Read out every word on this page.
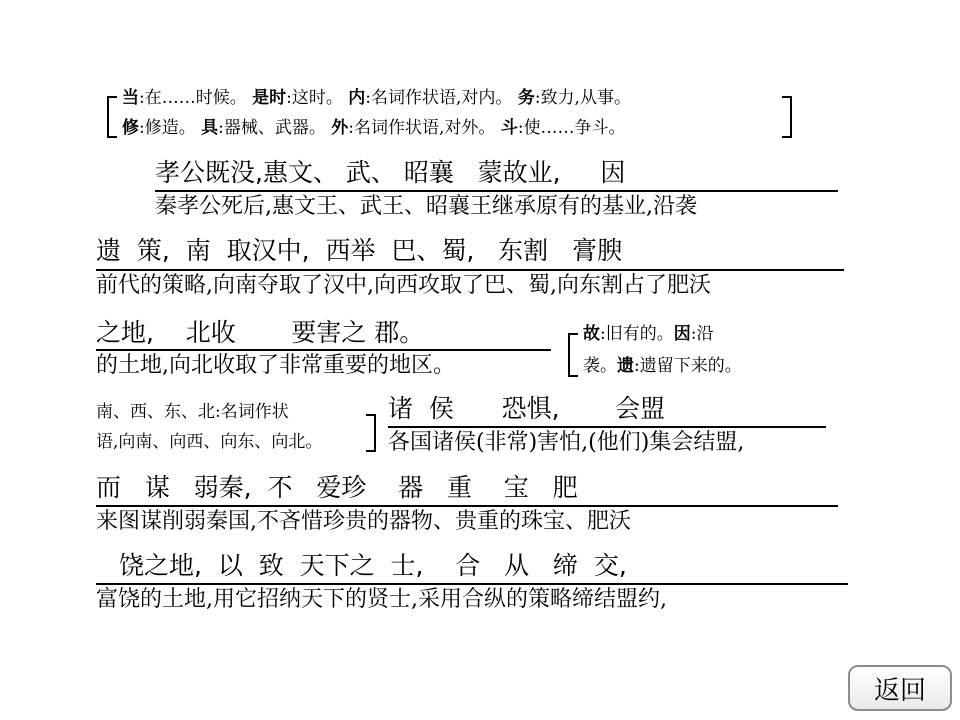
当:在……时候。 是时:这时。 内:名词作状语,对内。 务:致力,从事。
修:修造。 具:器械、武器。 外:名词作状语,对外。 斗:使……争斗。
孝公既没,惠文、 武、 昭襄   蒙故业,     因
秦孝公死后,惠文王、武王、昭襄王继承原有的基业,沿袭
遗  策,  南  取汉中,  西举  巴、蜀,   东割   膏腴
前代的策略,向南夺取了汉中,向西攻取了巴、蜀,向东割占了肥沃
之地,    北收       要害之 郡。
的土地,向北收取了非常重要的地区。
故:旧有的。因:沿
袭。遗:遗留下来的。
南、西、东、北:名词作状
语,向南、向西、向东、向北。
诸  侯      恐惧,       会盟
各国诸侯(非常)害怕,(他们)集会结盟,
而   谋   弱秦,  不   爱珍    器   重    宝   肥
来图谋削弱秦国,不吝惜珍贵的器物、贵重的珠宝、肥沃
饶之地,  以  致  天下之  士,    合   从   缔  交,
富饶的土地,用它招纳天下的贤士,采用合纵的策略缔结盟约,
返回
